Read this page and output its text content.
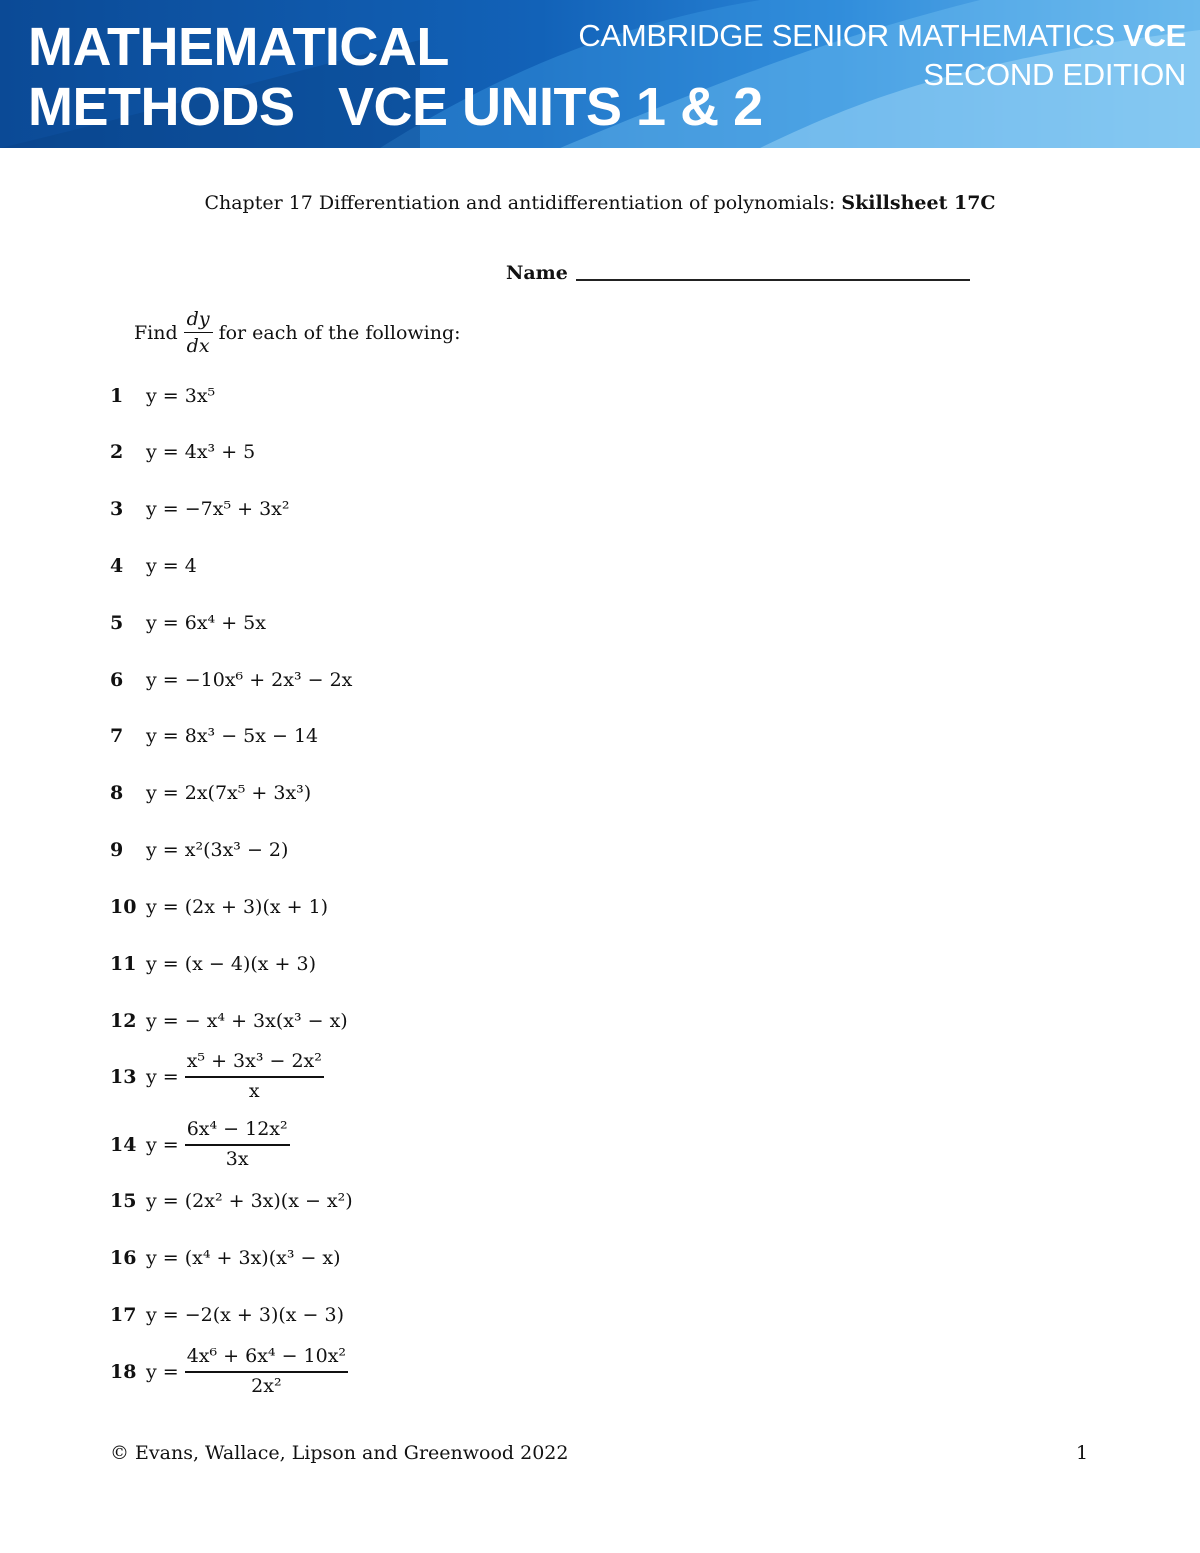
MATHEMATICAL
METHODS   VCE UNITS 1 & 2
CAMBRIDGE SENIOR MATHEMATICS VCE
SECOND EDITION
Chapter 17 Differentiation and antidifferentiation of polynomials: Skillsheet 17C
Name
Find $\frac{dy}{dx}$ for each of the following:
1	y = 3x⁵
2	y = 4x³ + 5
3	y = −7x⁵ + 3x²
4	y = 4
5	y = 6x⁴ + 5x
6	y = −10x⁶ + 2x³ − 2x
7	y = 8x³ − 5x − 14
8	y = 2x(7x⁵ + 3x³)
9	y = x²(3x³ − 2)
10 y = (2x + 3)(x + 1)
11 y = (x − 4)(x + 3)
12 y = − x⁴ + 3x(x³ − x)
13 $y = \frac{\text{x⁵ + 3x³ − 2x²}}{x}$
14 $y = \frac{\text{6x⁴ − 12x²}}{3x}$
15 y = (2x² + 3x)(x − x²)
16 y = (x⁴ + 3x)(x³ − x)
17 y = −2(x + 3)(x − 3)
18 $y = \frac{\text{4x⁶ + 6x⁴ − 10x²}}{\text{2x²}}$
© Evans, Wallace, Lipson and Greenwood 2022	1
